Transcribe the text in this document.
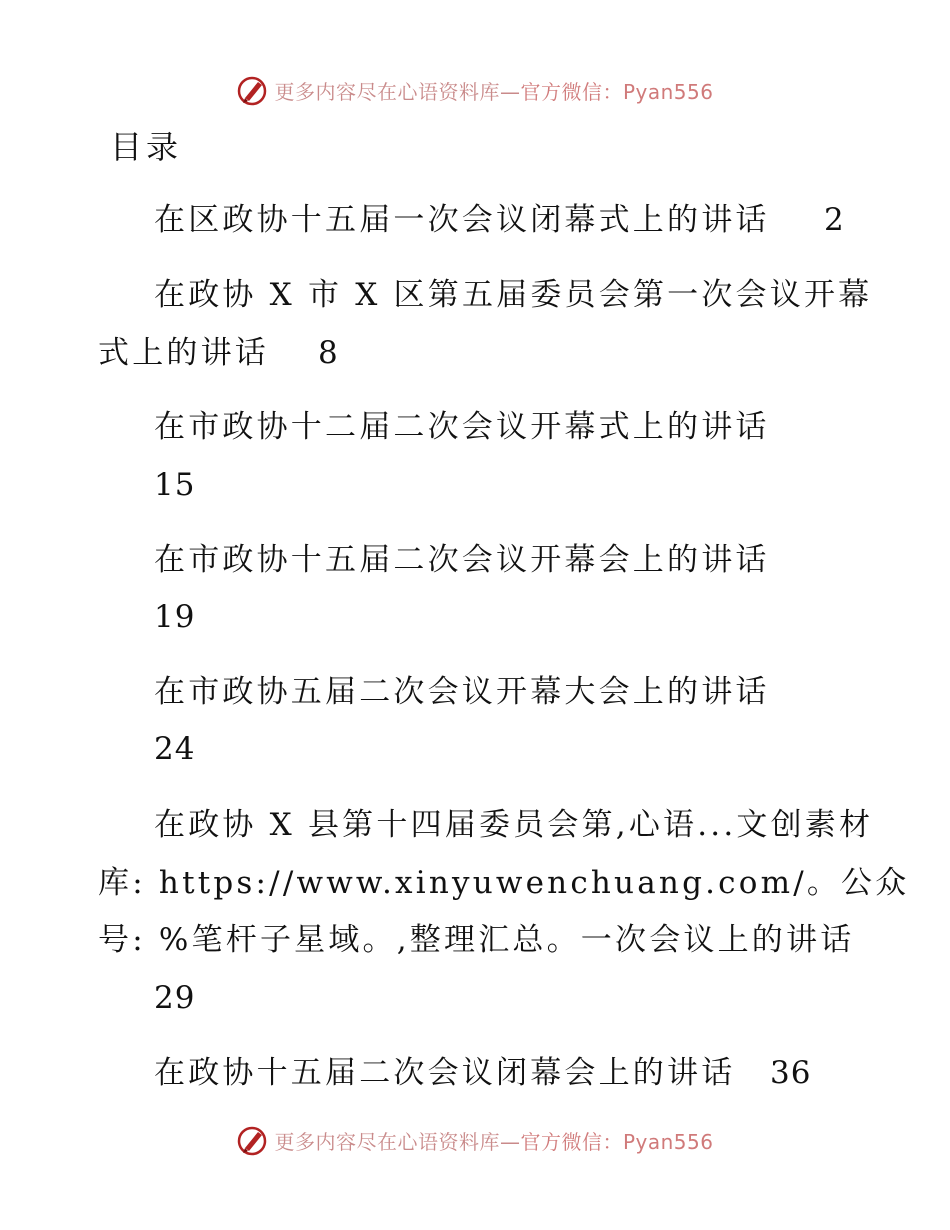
更多内容尽在心语资料库—官方微信：Pyan556
目录
在区政协十五届一次会议闭幕式上的讲话 2
在政协 X 市 X 区第五届委员会第一次会议开幕
式上的讲话 8
在市政协十二届二次会议开幕式上的讲话
15
在市政协十五届二次会议开幕会上的讲话
19
在市政协五届二次会议开幕大会上的讲话
24
在政协 X 县第十四届委员会第,心语...文创素材
库: https://www.xinyuwenchuang.com/。公众
号: %笔杆子星域。,整理汇总。一次会议上的讲话
29
在政协十五届二次会议闭幕会上的讲话 36
更多内容尽在心语资料库—官方微信：Pyan556
